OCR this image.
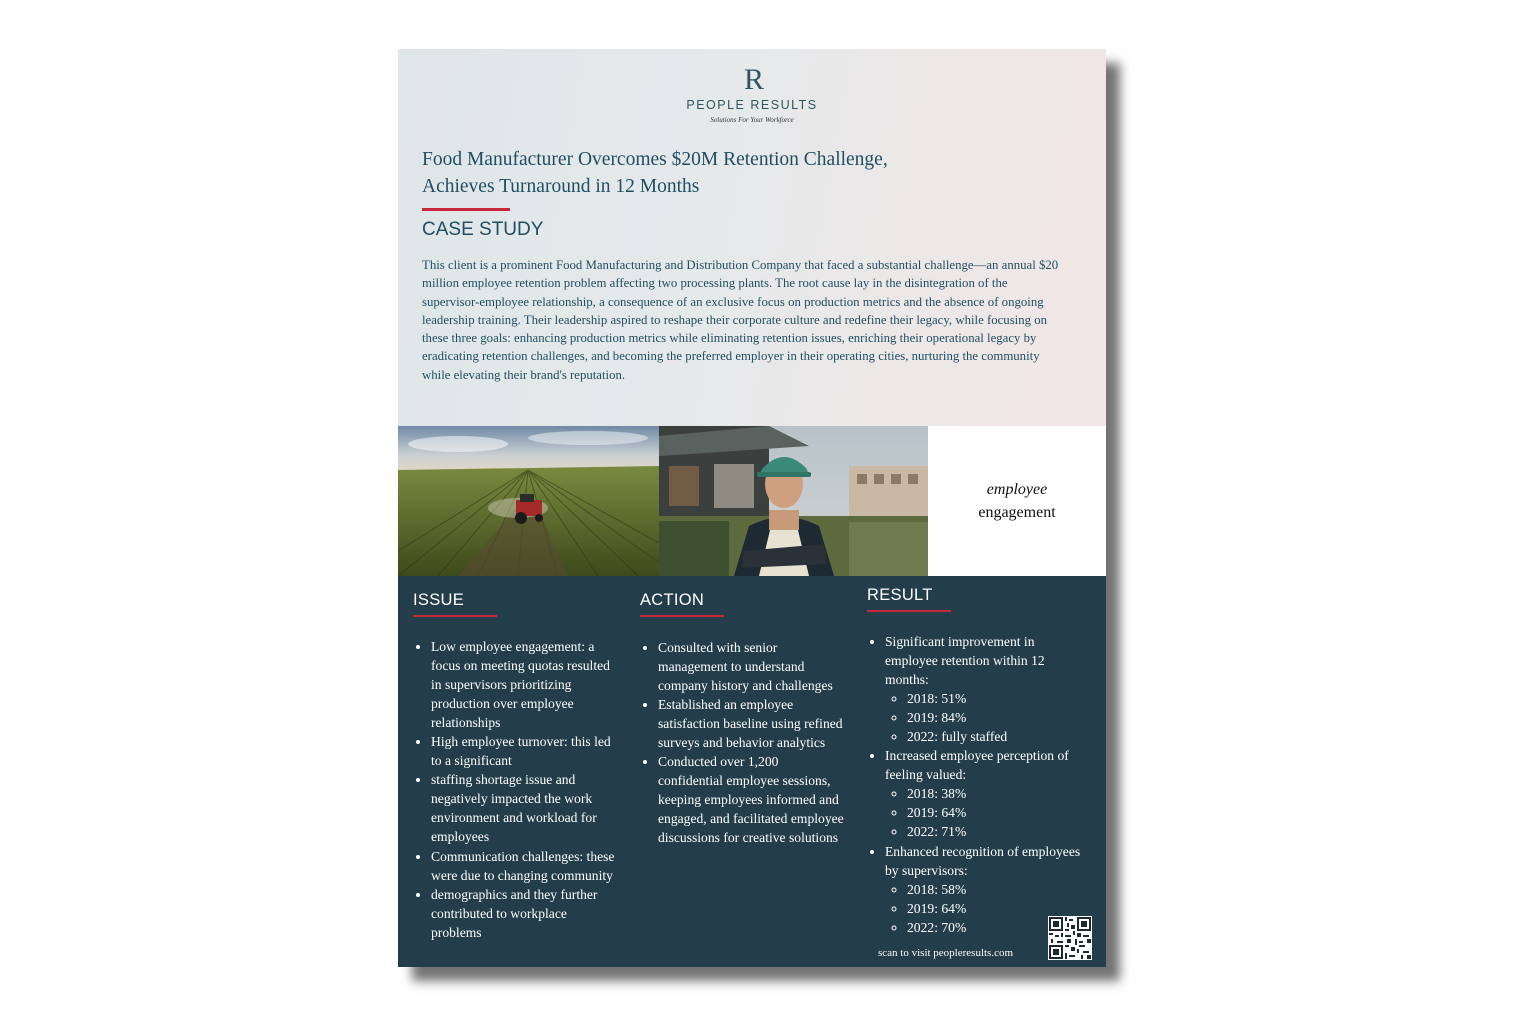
R
PEOPLE RESULTS
Solutions For Your Workforce
Food Manufacturer Overcomes $20M Retention Challenge,
Achieves Turnaround in 12 Months
CASE STUDY
This client is a prominent Food Manufacturing and Distribution Company that faced a substantial challenge—an annual $20 million employee retention problem affecting two processing plants. The root cause lay in the disintegration of the supervisor-employee relationship, a consequence of an exclusive focus on production metrics and the absence of ongoing leadership training. Their leadership aspired to reshape their corporate culture and redefine their legacy, while focusing on these three goals: enhancing production metrics while eliminating retention issues, enriching their operational legacy by eradicating retention challenges, and becoming the preferred employer in their operating cities, nurturing the community while elevating their brand's reputation.
employee
engagement
ISSUE
• Low employee engagement: a focus on meeting quotas resulted in supervisors prioritizing production over employee relationships
• High employee turnover: this led to a significant
• staffing shortage issue and negatively impacted the work environment and workload for employees
• Communication challenges: these were due to changing community
• demographics and they further contributed to workplace problems
ACTION
• Consulted with senior management to understand company history and challenges
• Established an employee satisfaction baseline using refined surveys and behavior analytics
• Conducted over 1,200 confidential employee sessions, keeping employees informed and engaged, and facilitated employee discussions for creative solutions
RESULT
• Significant improvement in employee retention within 12 months:
◦ 2018: 51%
◦ 2019: 84%
◦ 2022: fully staffed
• Increased employee perception of feeling valued:
◦ 2018: 38%
◦ 2019: 64%
◦ 2022: 71%
• Enhanced recognition of employees by supervisors:
◦ 2018: 58%
◦ 2019: 64%
◦ 2022: 70%
scan to visit peopleresults.com
